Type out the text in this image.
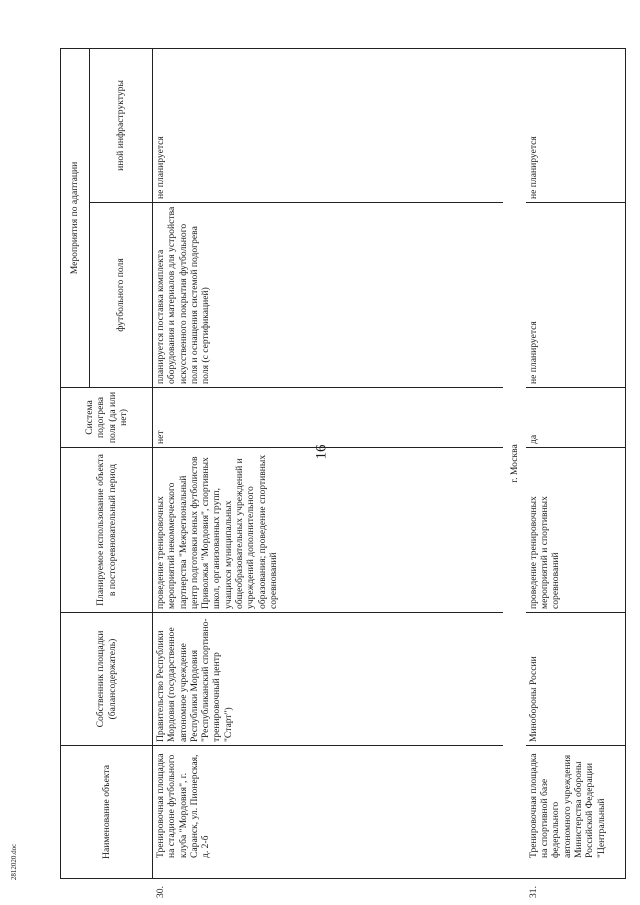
16
2812020.doc
Наименование объекта	Собственник площадки (балансодержатель)	Планируемое использование объекта в постсоревновательный период	Система подогрева поля (да или нет)	Мероприятия по адаптации	
				футбольного поля	иной инфраструктуры
30.Тренировочная площадка на стадионе футбольного клуба "Мордовия", г. Саранск, ул. Пионерская, д. 2-б	Правительство Республики Мордовия (государственное автономное учреждение Республики Мордовия "Республиканский спортивно-тренировочный центр "Старт")	проведение тренировочных мероприятий некоммерческого партнерства "Межрегиональный центр подготовки юных футболистов Приволжья "Мордовия", спортивных школ, организованных групп, учащихся муниципальных общеобразовательных учреждений и учреждений дополнительного образования; проведение спортивных соревнований	нет	планируется поставка комплекта оборудования и материалов для устройства искусственного покрытия футбольного поля и оснащения системой подогрева поля (с сертификацией)	не планируется
г. Москва					
31.Тренировочная площадка на спортивной базе федерального автономного учреждения Министерства обороны Российской Федерации "Центральный	Минобороны России	проведение тренировочных мероприятий и спортивных соревнований	да	не планируется	не планируется
